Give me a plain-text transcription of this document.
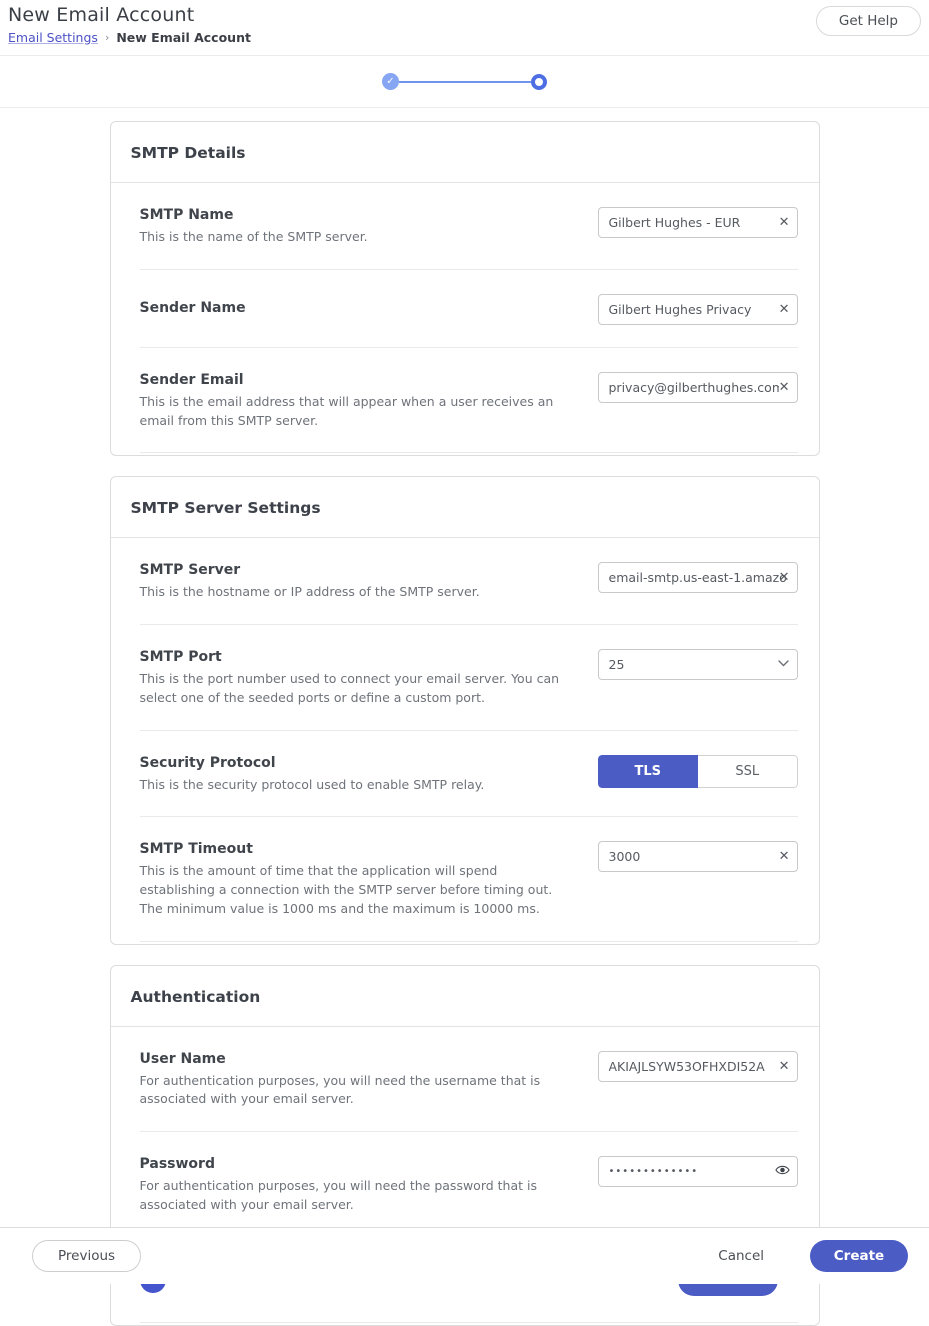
New Email Account
Email Settings › New Email Account
Get Help
✓
SMTP Details
SMTP Name
This is the name of the SMTP server.
Gilbert Hughes - EUR
✕
Sender Name
Gilbert Hughes Privacy	✕
Sender Email
This is the email address that will appear when a user receives an email from this SMTP server.
privacy@gilberthughes.com
✕
SMTP Server Settings
SMTP Server
This is the hostname or IP address of the SMTP server.
email-smtp.us-east-1.amazonaws.com
✕
SMTP Port
This is the port number used to connect your email server. You can select one of the seeded ports or define a custom port.
25
Security Protocol
This is the security protocol used to enable SMTP relay.
TLS	SSL
SMTP Timeout
This is the amount of time that the application will spend establishing a connection with the SMTP server before timing out. The minimum value is 1000 ms and the maximum is 10000 ms.
3000
✕
Authentication
User Name
For authentication purposes, you will need the username that is associated with your email server.
AKIAJLSYW53OFHXDI52A
✕
Password
For authentication purposes, you will need the password that is associated with your email server.
•••••••••••••
Previous	Cancel	Create
